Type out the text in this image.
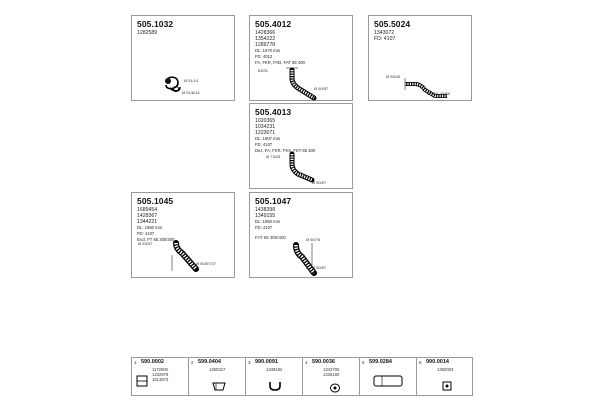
505.1032
1282589
Ø 51/14
Ø 51/8/14
505.4012
1428366
1354222
1289778
DL: 1670 mm
FD: 4012
FA, FKR, FAD, FAT 65 400
63/31
Ø 50/57
505.5024
1343072
FD: 4107
Ø 55/45
Ø 50/1 45/50
505.4013
1020365
1034231
1223071
DL: 1907 mm
FD: 4107
Dez, FA, FKR, FKS, FKT 65 400
Ø 73/43
Ø 50/57
505.1045
1689454
1428367
1344221
DL: 1950 mm
FD: 4107
Excl. FT 65 300/400
Ø 53/37
Ø 50/57/37
505.1047
1438398
1349155
DL: 1950 mm
FD: 4107
FAT 65 300/400	Ø 60/76
Ø 50/57
1 590.0002
1172800
1232978
1613673
2 599.0404
1360327
3 990.0091
1349182
4 590.0036
1343705
1435180
5 599.0284	6 990.0014
1360003
